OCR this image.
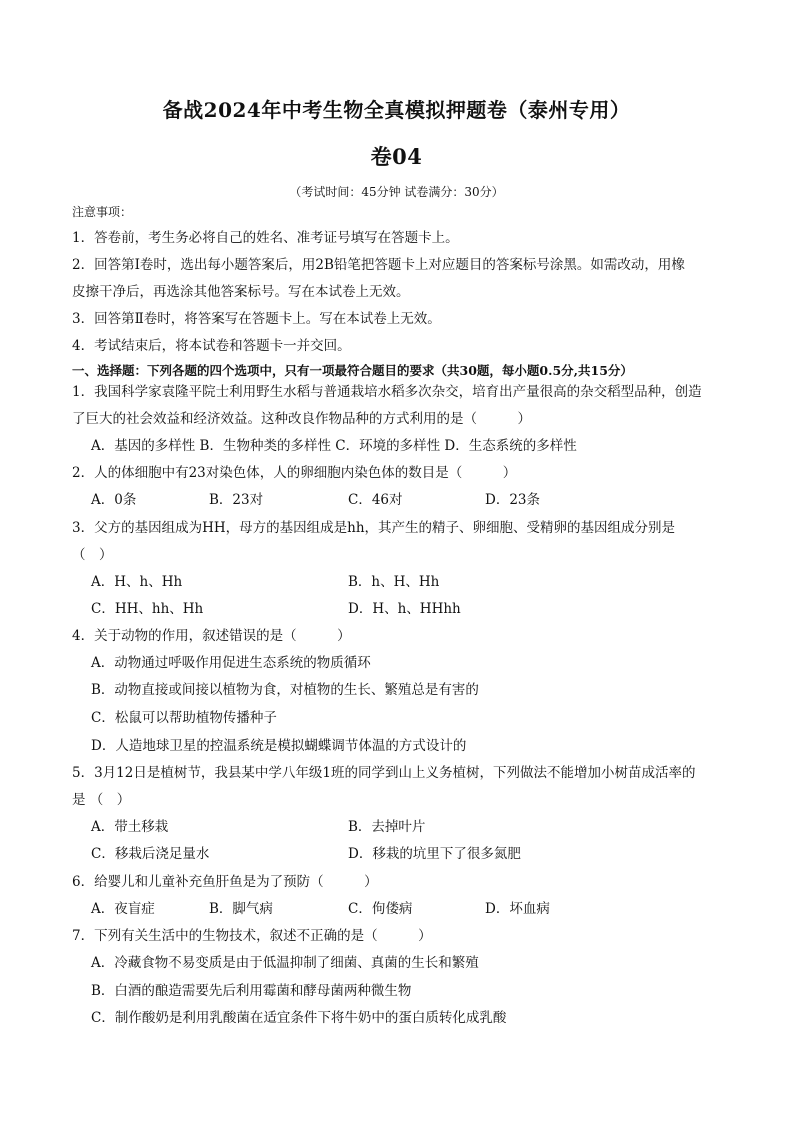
备战2024年中考生物全真模拟押题卷（泰州专用）
卷04
（考试时间：45分钟 试卷满分：30分）
注意事项：
1．答卷前，考生务必将自己的姓名、准考证号填写在答题卡上。
2．回答第Ⅰ卷时，选出每小题答案后，用2B铅笔把答题卡上对应题目的答案标号涂黑。如需改动，用橡
皮擦干净后，再选涂其他答案标号。写在本试卷上无效。
3．回答第Ⅱ卷时，将答案写在答题卡上。写在本试卷上无效。
4．考试结束后，将本试卷和答题卡一并交回。
一、选择题：下列各题的四个选项中，只有一项最符合题目的要求（共30题，每小题0.5分,共15分）
1．我国科学家袁隆平院士利用野生水稻与普通栽培水稻多次杂交，培育出产量很高的杂交稻型品种，创造
了巨大的社会效益和经济效益。这种改良作物品种的方式利用的是（　　　）
A．基因的多样性 B．生物种类的多样性 C．环境的多样性 D．生态系统的多样性
2．人的体细胞中有23对染色体，人的卵细胞内染色体的数目是（　　　）
A．0条	B．23对	C．46对	D．23条
3．父方的基因组成为HH，母方的基因组成是hh，其产生的精子、卵细胞、受精卵的基因组成分别是
（　）
A．H、h、Hh	B．h、H、Hh
C．HH、hh、Hh	D．H、h、HHhh
4．关于动物的作用，叙述错误的是（　　　）
A．动物通过呼吸作用促进生态系统的物质循环
B．动物直接或间接以植物为食，对植物的生长、繁殖总是有害的
C．松鼠可以帮助植物传播种子
D．人造地球卫星的控温系统是模拟蝴蝶调节体温的方式设计的
5．3月12日是植树节，我县某中学八年级1班的同学到山上义务植树，下列做法不能增加小树苗成活率的
是 （　）
A．带土移栽	B．去掉叶片
C．移栽后浇足量水	D．移栽的坑里下了很多氮肥
6．给婴儿和儿童补充鱼肝鱼是为了预防（　　　）
A．夜盲症	B．脚气病	C．佝偻病	D．坏血病
7．下列有关生活中的生物技术，叙述不正确的是（　　　）
A．冷藏食物不易变质是由于低温抑制了细菌、真菌的生长和繁殖
B．白酒的酿造需要先后利用霉菌和酵母菌两种微生物
C．制作酸奶是利用乳酸菌在适宜条件下将牛奶中的蛋白质转化成乳酸
